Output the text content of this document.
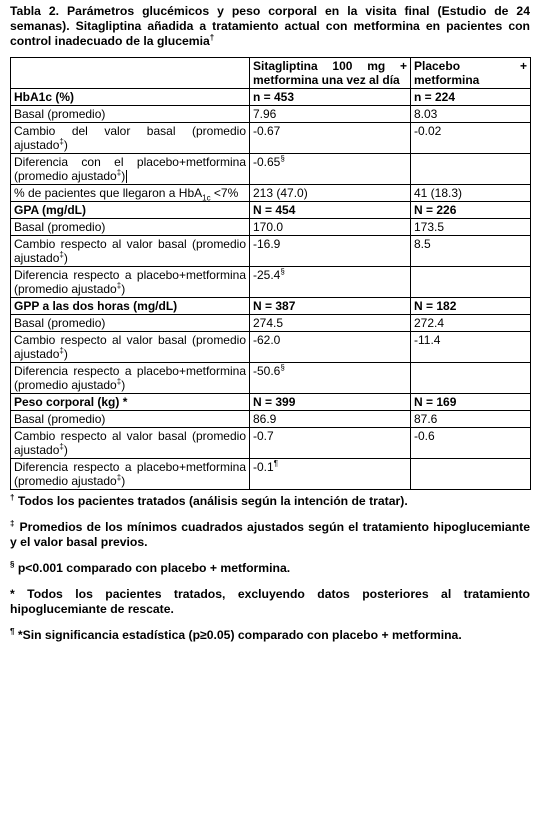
Tabla 2. Parámetros glucémicos y peso corporal en la visita final (Estudio de 24 semanas). Sitagliptina añadida a tratamiento actual con metformina en pacientes con control inadecuado de la glucemia†

	Sitagliptina 100 mg + metformina una vez al día	Placebo + metformina
HbA1c (%)	n = 453	n = 224
Basal (promedio)	7.96	8.03
Cambio del valor basal (promedio ajustado‡)	-0.67	-0.02
Diferencia con el placebo+metformina (promedio ajustado‡)	-0.65§	
% de pacientes que llegaron a HbA$_{1c}$ <7%	213 (47.0)	41 (18.3)
GPA (mg/dL)	N = 454	N = 226
Basal (promedio)	170.0	173.5
Cambio respecto al valor basal (promedio ajustado‡)	-16.9	8.5
Diferencia respecto a placebo+metformina (promedio ajustado‡)	-25.4§	
GPP a las dos horas (mg/dL)	N = 387	N = 182
Basal (promedio)	274.5	272.4
Cambio respecto al valor basal (promedio ajustado‡)	-62.0	-11.4
Diferencia respecto a placebo+metformina (promedio ajustado‡)	-50.6§	
Peso corporal (kg) *	N = 399	N = 169
Basal (promedio)	86.9	87.6
Cambio respecto al valor basal (promedio ajustado‡)	-0.7	-0.6
Diferencia respecto a placebo+metformina (promedio ajustado‡)	-0.1¶	

† Todos los pacientes tratados (análisis según la intención de tratar).

‡ Promedios de los mínimos cuadrados ajustados según el tratamiento hipoglucemiante y el valor basal previos.

§ p<0.001 comparado con placebo + metformina.

* Todos los pacientes tratados, excluyendo datos posteriores al tratamiento hipoglucemiante de rescate.

¶ *Sin significancia estadística (p≥0.05) comparado con placebo + metformina.
